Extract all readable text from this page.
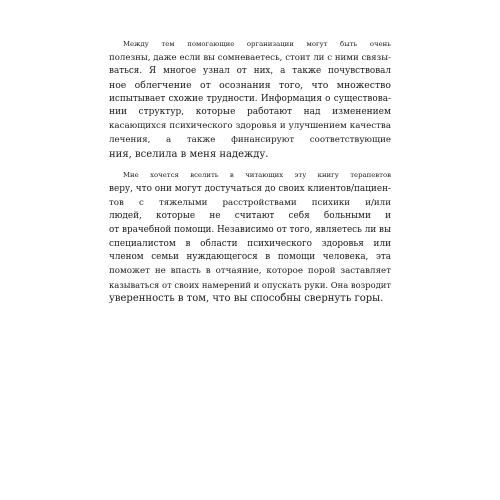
Между тем помогающие организации могут быть очень
полезны, даже если вы сомневаетесь, стоит ли с ними связы-
ваться. Я многое узнал от них, а также почувствовал
ное облегчение от осознания того, что множество
испытывает схожие трудности. Информация о существова-
нии структур, которые работают над изменением
касающихся психического здоровья и улучшением качества
лечения, а также финансируют соответствующие
ния, вселила в меня надежду.
Мне хочется вселить в читающих эту книгу терапевтов
веру, что они могут достучаться до своих клиентов/пациен-
тов с тяжелыми расстройствами психики и/или
людей, которые не считают себя больными и
от врачебной помощи. Независимо от того, являетесь ли вы
специалистом в области психического здоровья или
членом семьи нуждающегося в помощи человека, эта
поможет не впасть в отчаяние, которое порой заставляет
казываться от своих намерений и опускать руки. Она возродит
уверенность в том, что вы способны свернуть горы.
